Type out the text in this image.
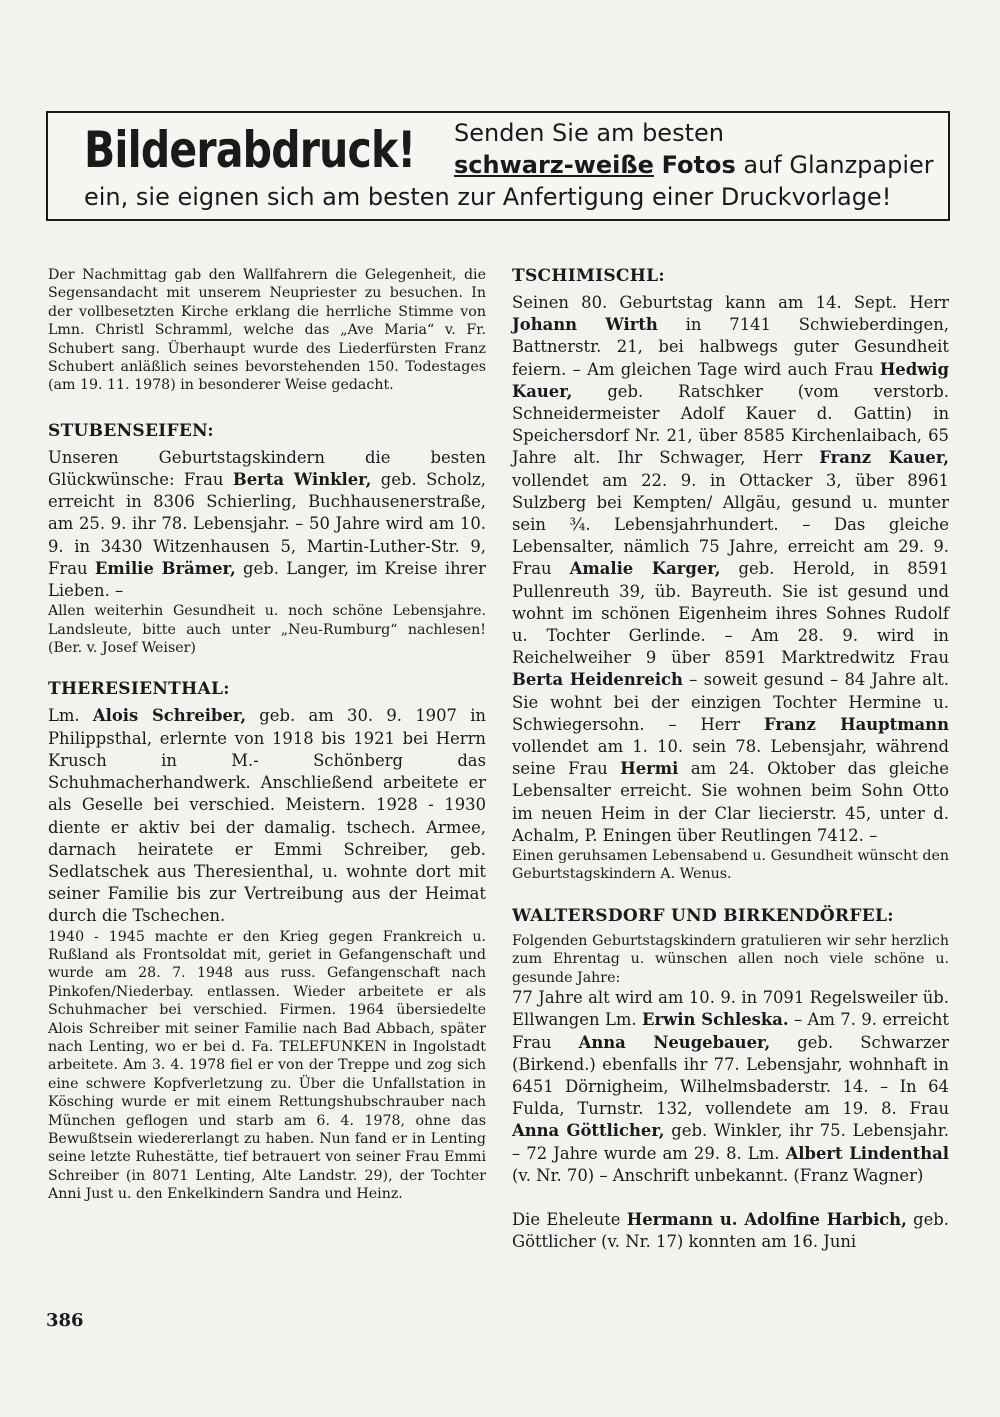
Bilderabdruck! Senden Sie am besten
schwarz-weiße Fotos auf Glanzpapier
ein, sie eignen sich am besten zur Anfertigung einer Druckvorlage!

Der Nachmittag gab den Wallfahrern die Gelegenheit, die Segensandacht mit unserem Neupriester zu besuchen. In der vollbesetzten Kirche erklang die herrliche Stimme von Lmn. Christl Schramml, welche das „Ave Maria“ v. Fr. Schubert sang. Überhaupt wurde des Liederfürsten Franz Schubert anläßlich seines bevorstehenden 150. Todestages (am 19. 11. 1978) in besonderer Weise gedacht.

STUBENSEIFEN:

Unseren Geburtstagskindern die besten Glückwünsche: Frau Berta Winkler, geb. Scholz, erreicht in 8306 Schierling, Buchhausenerstraße, am 25. 9. ihr 78. Lebensjahr. – 50 Jahre wird am 10. 9. in 3430 Witzenhausen 5, Martin-Luther-Str. 9, Frau Emilie Brämer, geb. Langer, im Kreise ihrer Lieben. –

Allen weiterhin Gesundheit u. noch schöne Lebensjahre. Landsleute, bitte auch unter „Neu-Rumburg“ nachlesen! (Ber. v. Josef Weiser)

THERESIENTHAL:

Lm. Alois Schreiber, geb. am 30. 9. 1907 in Philippsthal, erlernte von 1918 bis 1921 bei Herrn Krusch in M.- Schönberg das Schuhmacherhandwerk. Anschließend arbeitete er als Geselle bei verschied. Meistern. 1928 - 1930 diente er aktiv bei der damalig. tschech. Armee, darnach heiratete er Emmi Schreiber, geb. Sedlatschek aus Theresienthal, u. wohnte dort mit seiner Familie bis zur Vertreibung aus der Heimat durch die Tschechen.

1940 - 1945 machte er den Krieg gegen Frankreich u. Rußland als Frontsoldat mit, geriet in Gefangenschaft und wurde am 28. 7. 1948 aus russ. Gefangenschaft nach Pinkofen/Niederbay. entlassen. Wieder arbeitete er als Schuhmacher bei verschied. Firmen. 1964 übersiedelte Alois Schreiber mit seiner Familie nach Bad Abbach, später nach Lenting, wo er bei d. Fa. TELEFUNKEN in Ingolstadt arbeitete. Am 3. 4. 1978 fiel er von der Treppe und zog sich eine schwere Kopfverletzung zu. Über die Unfallstation in Kösching wurde er mit einem Rettungshubschrauber nach München geflogen und starb am 6. 4. 1978, ohne das Bewußtsein wiedererlangt zu haben. Nun fand er in Lenting seine letzte Ruhestätte, tief betrauert von seiner Frau Emmi Schreiber (in 8071 Lenting, Alte Landstr. 29), der Tochter Anni Just u. den Enkelkindern Sandra und Heinz.

TSCHIMISCHL:

Seinen 80. Geburtstag kann am 14. Sept. Herr Johann Wirth in 7141 Schwieberdingen, Battnerstr. 21, bei halbwegs guter Gesundheit feiern. – Am gleichen Tage wird auch Frau Hedwig Kauer, geb. Ratschker (vom verstorb. Schneidermeister Adolf Kauer d. Gattin) in Speichersdorf Nr. 21, über 8585 Kirchenlaibach, 65 Jahre alt. Ihr Schwager, Herr Franz Kauer, vollendet am 22. 9. in Ottacker 3, über 8961 Sulzberg bei Kempten/ Allgäu, gesund u. munter sein ¾. Lebensjahrhundert. – Das gleiche Lebensalter, nämlich 75 Jahre, erreicht am 29. 9. Frau Amalie Karger, geb. Herold, in 8591 Pullenreuth 39, üb. Bayreuth. Sie ist gesund und wohnt im schönen Eigenheim ihres Sohnes Rudolf u. Tochter Gerlinde. – Am 28. 9. wird in Reichelweiher 9 über 8591 Marktredwitz Frau Berta Heidenreich – soweit gesund – 84 Jahre alt. Sie wohnt bei der einzigen Tochter Hermine u. Schwiegersohn. – Herr Franz Hauptmann vollendet am 1. 10. sein 78. Lebensjahr, während seine Frau Hermi am 24. Oktober das gleiche Lebensalter erreicht. Sie wohnen beim Sohn Otto im neuen Heim in der Clar liecierstr. 45, unter d. Achalm, P. Eningen über Reutlingen 7412. –

Einen geruhsamen Lebensabend u. Gesundheit wünscht den Geburtstagskindern A. Wenus.

WALTERSDORF UND BIRKENDÖRFEL:

Folgenden Geburtstagskindern gratulieren wir sehr herzlich zum Ehrentag u. wünschen allen noch viele schöne u. gesunde Jahre:

77 Jahre alt wird am 10. 9. in 7091 Regelsweiler üb. Ellwangen Lm. Erwin Schleska. – Am 7. 9. erreicht Frau Anna Neugebauer, geb. Schwarzer (Birkend.) ebenfalls ihr 77. Lebensjahr, wohnhaft in 6451 Dörnigheim, Wilhelmsbaderstr. 14. – In 64 Fulda, Turnstr. 132, vollendete am 19. 8. Frau Anna Göttlicher, geb. Winkler, ihr 75. Lebensjahr. – 72 Jahre wurde am 29. 8. Lm. Albert Lindenthal (v. Nr. 70) – Anschrift unbekannt. (Franz Wagner)

Die Eheleute Hermann u. Adolfine Harbich, geb. Göttlicher (v. Nr. 17) konnten am 16. Juni

386
